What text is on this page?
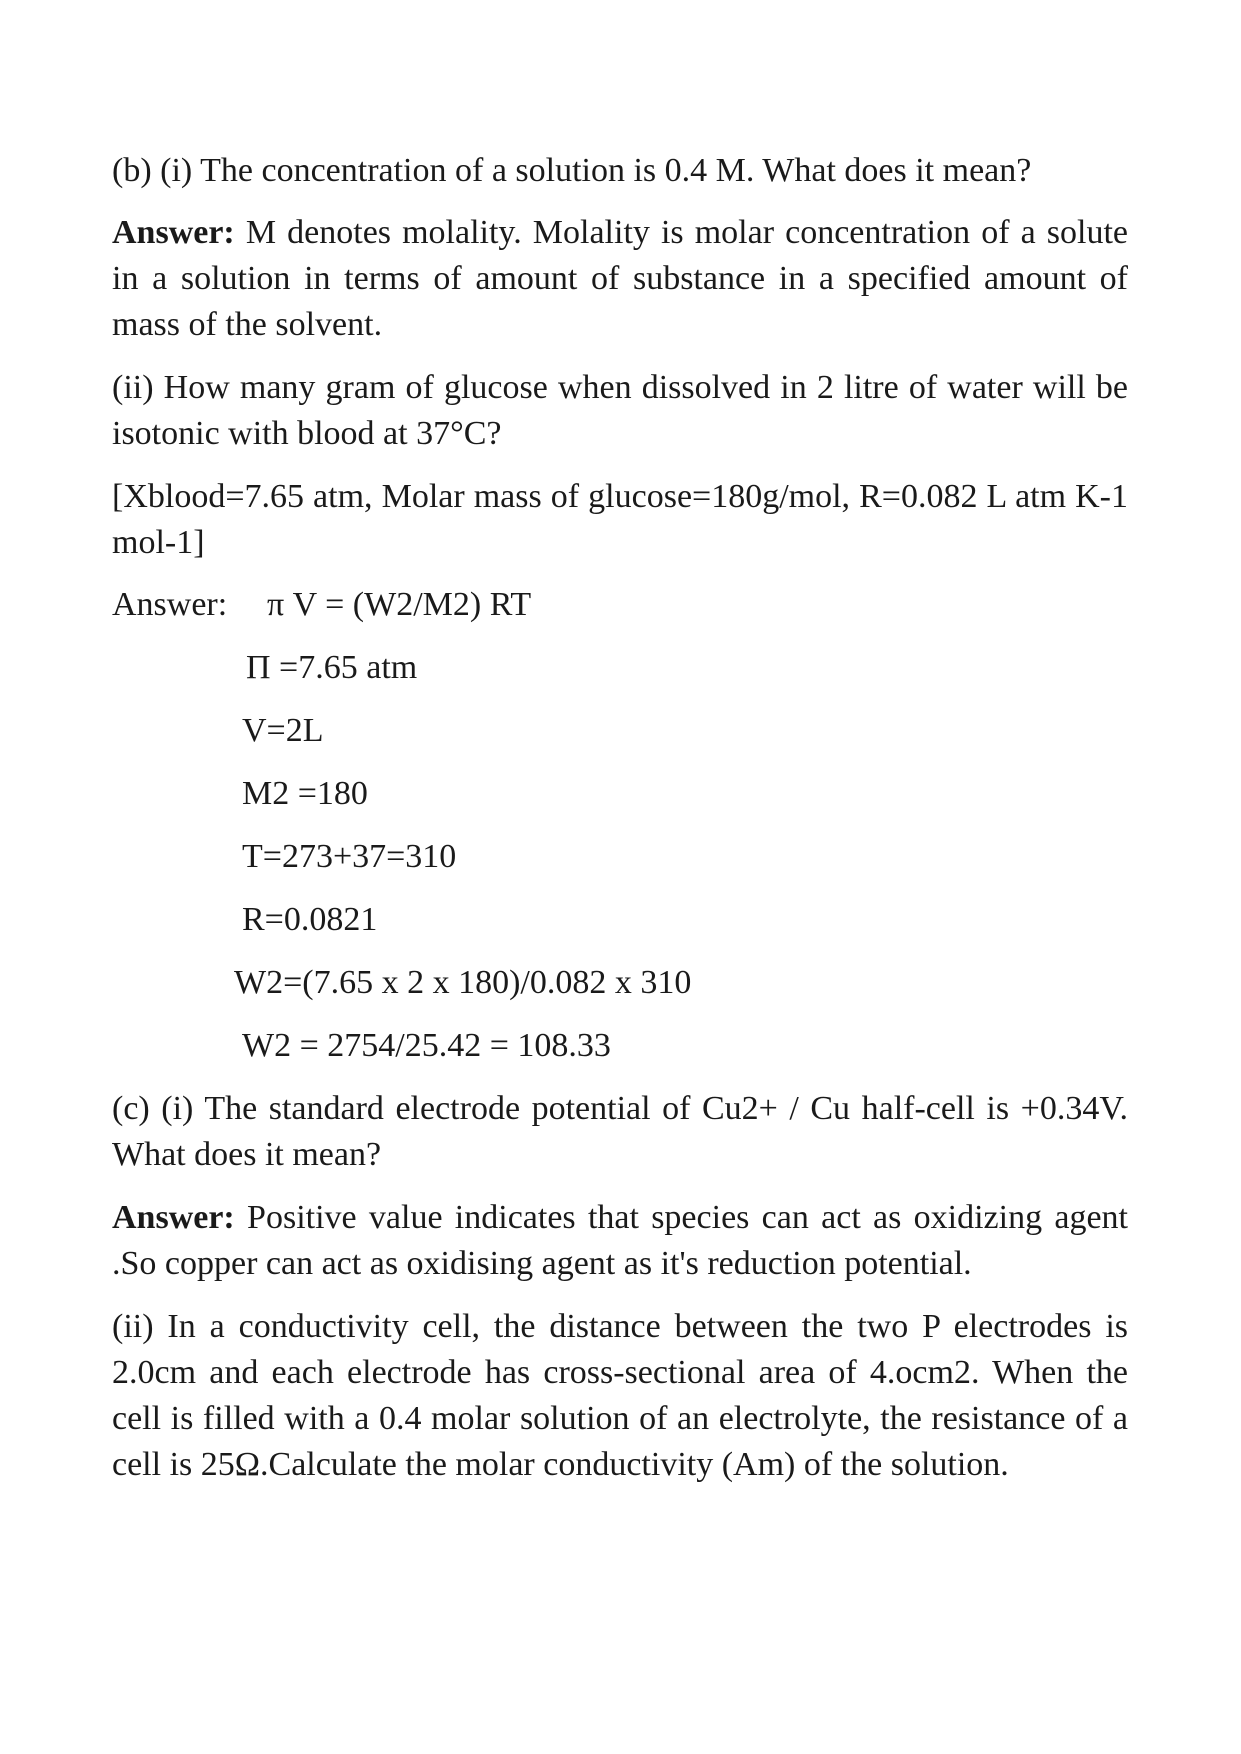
(b) (i) The concentration of a solution is 0.4 M. What does it mean?

Answer: M denotes molality. Molality is molar concentration of a solute in a solution in terms of amount of substance in a specified amount of mass of the solvent.

(ii) How many gram of glucose when dissolved in 2 litre of water will be isotonic with blood at 37°C?

[Xblood=7.65 atm, Molar mass of glucose=180g/mol, R=0.082 L atm K-1 mol-1]

Answer: π V = (W2/M2) RT

Π =7.65 atm
V=2L
M2 =180
T=273+37=310
R=0.0821
W2=(7.65 x 2 x 180)/0.082 x 310
W2 = 2754/25.42 = 108.33

(c) (i) The standard electrode potential of Cu2+ / Cu half-cell is +0.34V. What does it mean?

Answer: Positive value indicates that species can act as oxidizing agent .So copper can act as oxidising agent as it's reduction potential.

(ii) In a conductivity cell, the distance between the two P electrodes is 2.0cm and each electrode has cross-sectional area of 4.ocm2. When the cell is filled with a 0.4 molar solution of an electrolyte, the resistance of a cell is 25Ω.Calculate the molar conductivity (Am) of the solution.
